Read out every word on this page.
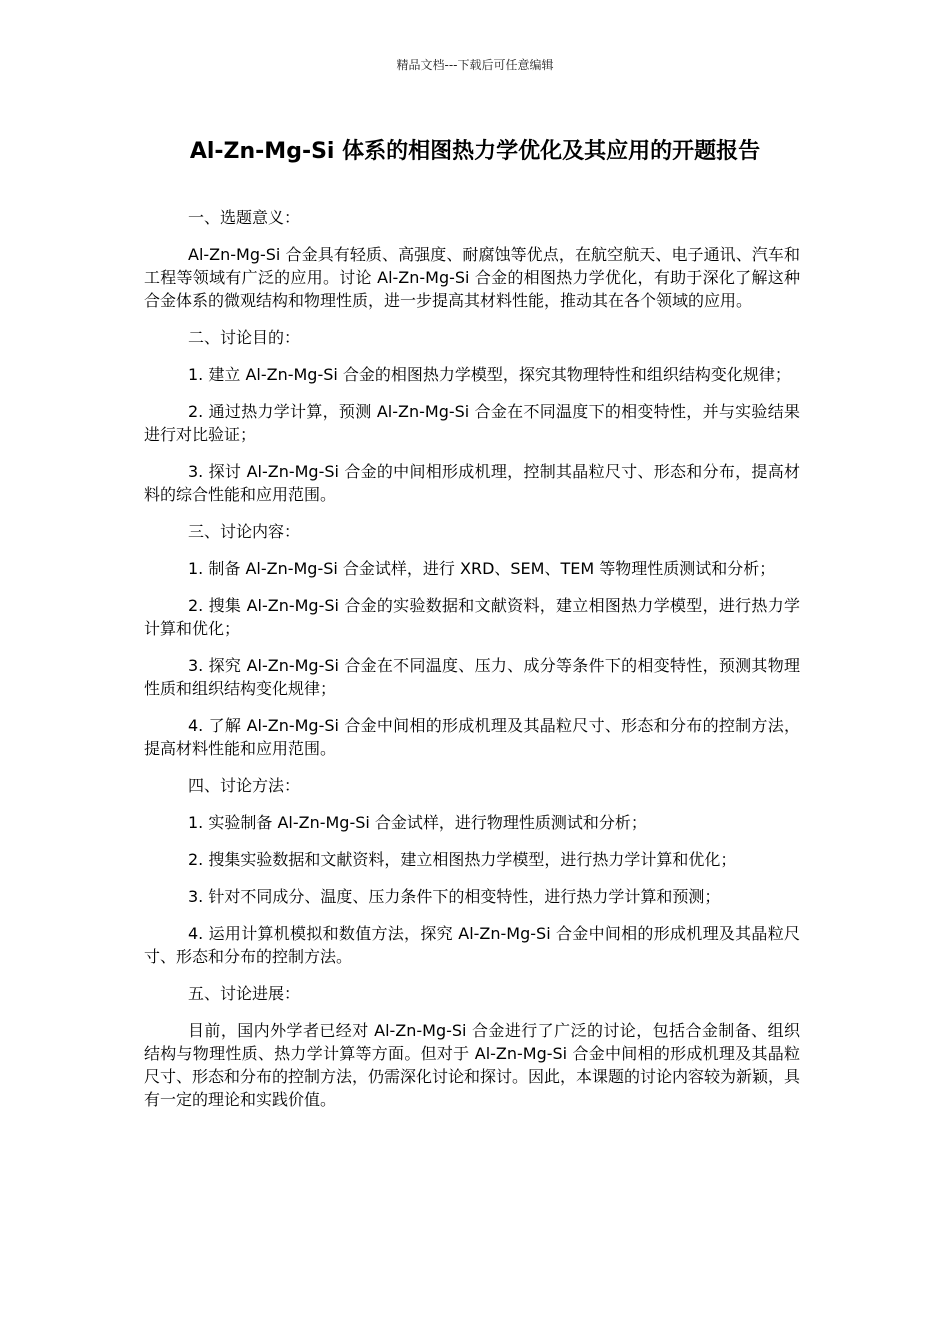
精品文档---下载后可任意编辑
Al-Zn-Mg-Si 体系的相图热力学优化及其应用的开题报告

一、选题意义：

Al-Zn-Mg-Si 合金具有轻质、高强度、耐腐蚀等优点，在航空航天、电子通讯、汽车和工程等领域有广泛的应用。讨论 Al-Zn-Mg-Si 合金的相图热力学优化，有助于深化了解这种合金体系的微观结构和物理性质，进一步提高其材料性能，推动其在各个领域的应用。

二、讨论目的：

1. 建立 Al-Zn-Mg-Si 合金的相图热力学模型，探究其物理特性和组织结构变化规律；

2. 通过热力学计算，预测 Al-Zn-Mg-Si 合金在不同温度下的相变特性，并与实验结果进行对比验证；

3. 探讨 Al-Zn-Mg-Si 合金的中间相形成机理，控制其晶粒尺寸、形态和分布，提高材料的综合性能和应用范围。

三、讨论内容：

1. 制备 Al-Zn-Mg-Si 合金试样，进行 XRD、SEM、TEM 等物理性质测试和分析；

2. 搜集 Al-Zn-Mg-Si 合金的实验数据和文献资料，建立相图热力学模型，进行热力学计算和优化；

3. 探究 Al-Zn-Mg-Si 合金在不同温度、压力、成分等条件下的相变特性，预测其物理性质和组织结构变化规律；

4. 了解 Al-Zn-Mg-Si 合金中间相的形成机理及其晶粒尺寸、形态和分布的控制方法，提高材料性能和应用范围。

四、讨论方法：

1. 实验制备 Al-Zn-Mg-Si 合金试样，进行物理性质测试和分析；

2. 搜集实验数据和文献资料，建立相图热力学模型，进行热力学计算和优化；

3. 针对不同成分、温度、压力条件下的相变特性，进行热力学计算和预测；

4. 运用计算机模拟和数值方法，探究 Al-Zn-Mg-Si 合金中间相的形成机理及其晶粒尺寸、形态和分布的控制方法。

五、讨论进展：

目前，国内外学者已经对 Al-Zn-Mg-Si 合金进行了广泛的讨论，包括合金制备、组织结构与物理性质、热力学计算等方面。但对于 Al-Zn-Mg-Si 合金中间相的形成机理及其晶粒尺寸、形态和分布的控制方法，仍需深化讨论和探讨。因此，本课题的讨论内容较为新颖，具有一定的理论和实践价值。
